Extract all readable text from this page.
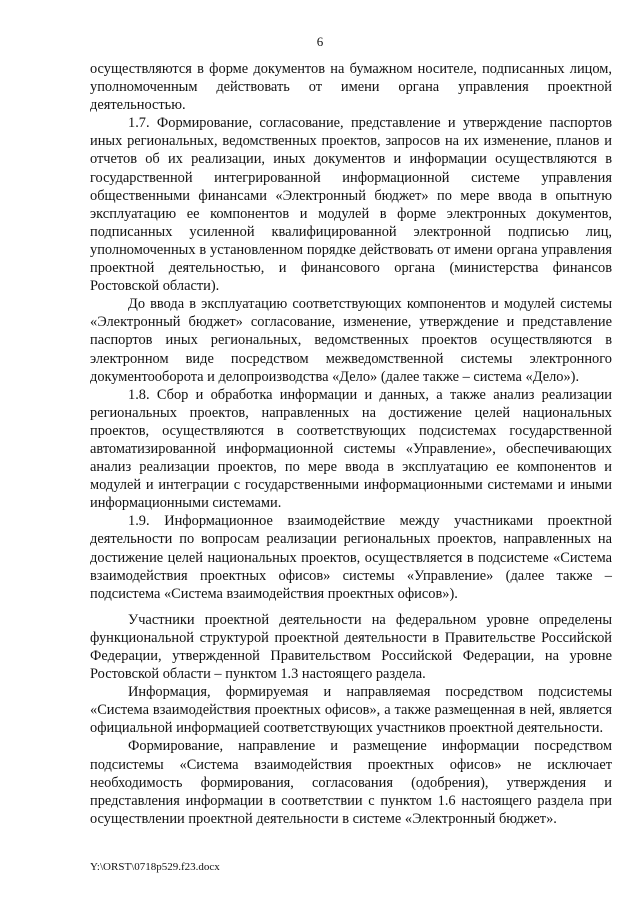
6

осуществляются в форме документов на бумажном носителе, подписанных лицом, уполномоченным действовать от имени органа управления проектной деятельностью.

1.7. Формирование, согласование, представление и утверждение паспортов иных региональных, ведомственных проектов, запросов на их изменение, планов и отчетов об их реализации, иных документов и информации осуществляются в государственной интегрированной информационной системе управления общественными финансами «Электронный бюджет» по мере ввода в опытную эксплуатацию ее компонентов и модулей в форме электронных документов, подписанных усиленной квалифицированной электронной подписью лиц, уполномоченных в установленном порядке действовать от имени органа управления проектной деятельностью, и финансового органа (министерства финансов Ростовской области).

До ввода в эксплуатацию соответствующих компонентов и модулей системы «Электронный бюджет» согласование, изменение, утверждение и представление паспортов иных региональных, ведомственных проектов осуществляются в электронном виде посредством межведомственной системы электронного документооборота и делопроизводства «Дело» (далее также – система «Дело»).

1.8. Сбор и обработка информации и данных, а также анализ реализации региональных проектов, направленных на достижение целей национальных проектов, осуществляются в соответствующих подсистемах государственной автоматизированной информационной системы «Управление», обеспечивающих анализ реализации проектов, по мере ввода в эксплуатацию ее компонентов и модулей и интеграции с государственными информационными системами и иными информационными системами.

1.9. Информационное взаимодействие между участниками проектной деятельности по вопросам реализации региональных проектов, направленных на достижение целей национальных проектов, осуществляется в подсистеме «Система взаимодействия проектных офисов» системы «Управление» (далее также – подсистема «Система взаимодействия проектных офисов»).

Участники проектной деятельности на федеральном уровне определены функциональной структурой проектной деятельности в Правительстве Российской Федерации, утвержденной Правительством Российской Федерации, на уровне Ростовской области – пунктом 1.3 настоящего раздела.

Информация, формируемая и направляемая посредством подсистемы «Система взаимодействия проектных офисов», а также размещенная в ней, является официальной информацией соответствующих участников проектной деятельности.

Формирование, направление и размещение информации посредством подсистемы «Система взаимодействия проектных офисов» не исключает необходимость формирования, согласования (одобрения), утверждения и представления информации в соответствии с пунктом 1.6 настоящего раздела при осуществлении проектной деятельности в системе «Электронный бюджет».

Y:\ORST\0718p529.f23.docx
